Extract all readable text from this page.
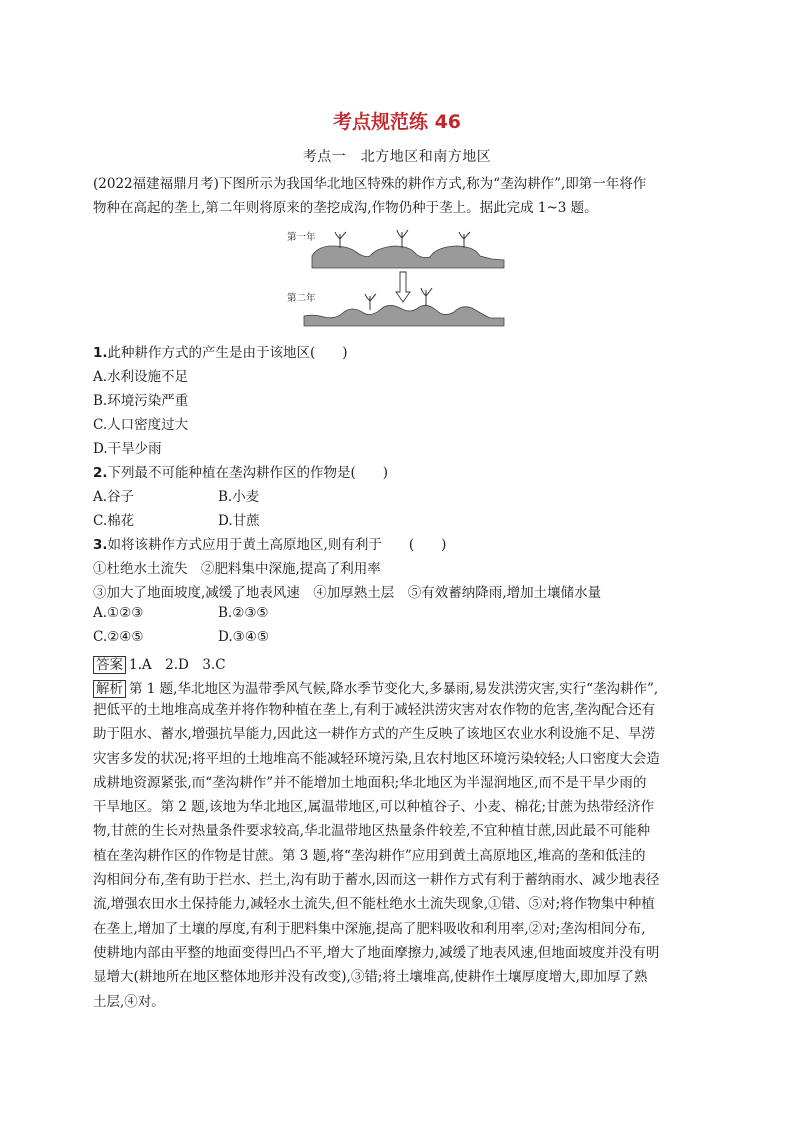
考点规范练 46
考点一　北方地区和南方地区
(2022福建福鼎月考)下图所示为我国华北地区特殊的耕作方式,称为“垄沟耕作”,即第一年将作
物种在高起的垄上,第二年则将原来的垄挖成沟,作物仍种于垄上。据此完成 1~3 题。
第一年
第二年
1.此种耕作方式的产生是由于该地区(　　)
A.水利设施不足
B.环境污染严重
C.人口密度过大
D.干旱少雨
2.下列最不可能种植在垄沟耕作区的作物是(　　)
A.谷子	B.小麦
C.棉花	D.甘蔗
3.如将该耕作方式应用于黄土高原地区,则有利于　　(　　)
①杜绝水土流失　②肥料集中深施,提高了利用率
③加大了地面坡度,减缓了地表风速　④加厚熟土层　⑤有效蓄纳降雨,增加土壤储水量
A.①②③	B.②③⑤
C.②④⑤	D.③④⑤
答案 1.A　2.D　3.C
解析 第 1 题,华北地区为温带季风气候,降水季节变化大,多暴雨,易发洪涝灾害,实行“垄沟耕作”,
把低平的土地堆高成垄并将作物种植在垄上,有利于减轻洪涝灾害对农作物的危害,垄沟配合还有
助于阻水、蓄水,增强抗旱能力,因此这一耕作方式的产生反映了该地区农业水利设施不足、旱涝
灾害多发的状况;将平坦的土地堆高不能减轻环境污染,且农村地区环境污染较轻;人口密度大会造
成耕地资源紧张,而“垄沟耕作”并不能增加土地面积;华北地区为半湿润地区,而不是干旱少雨的
干旱地区。第 2 题,该地为华北地区,属温带地区,可以种植谷子、小麦、棉花;甘蔗为热带经济作
物,甘蔗的生长对热量条件要求较高,华北温带地区热量条件较差,不宜种植甘蔗,因此最不可能种
植在垄沟耕作区的作物是甘蔗。第 3 题,将“垄沟耕作”应用到黄土高原地区,堆高的垄和低洼的
沟相间分布,垄有助于拦水、拦土,沟有助于蓄水,因而这一耕作方式有利于蓄纳雨水、减少地表径
流,增强农田水土保持能力,减轻水土流失,但不能杜绝水土流失现象,①错、⑤对;将作物集中种植
在垄上,增加了土壤的厚度,有利于肥料集中深施,提高了肥料吸收和利用率,②对;垄沟相间分布,
使耕地内部由平整的地面变得凹凸不平,增大了地面摩擦力,减缓了地表风速,但地面坡度并没有明
显增大(耕地所在地区整体地形并没有改变),③错;将土壤堆高,使耕作土壤厚度增大,即加厚了熟
土层,④对。
